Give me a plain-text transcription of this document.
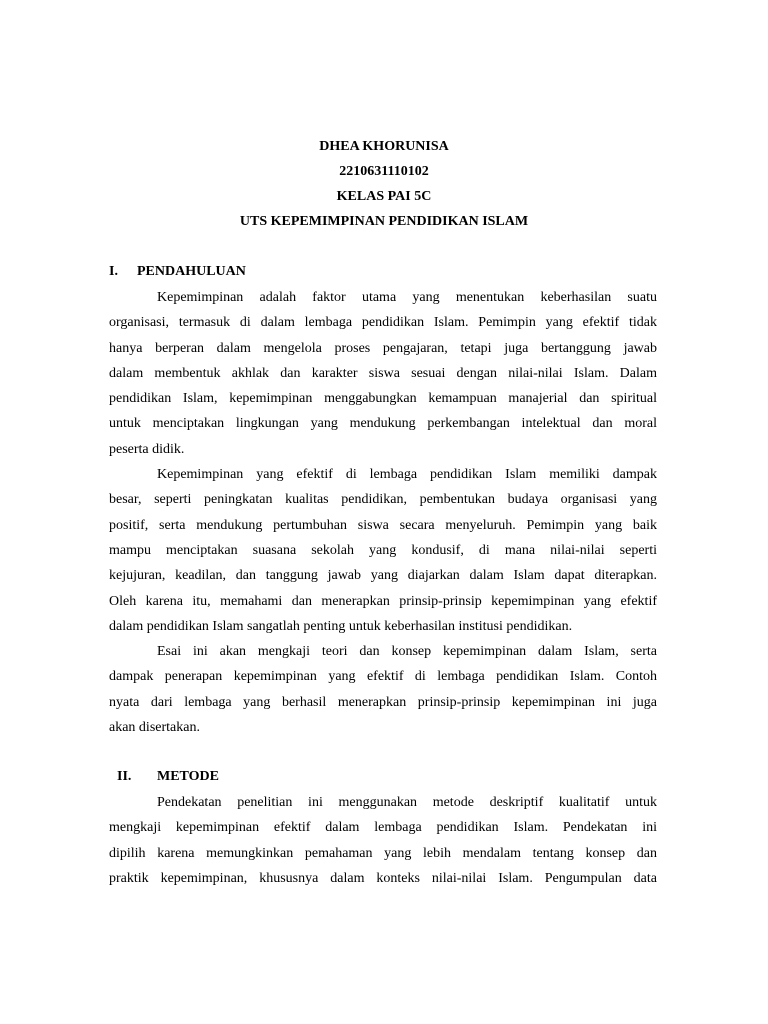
DHEA KHORUNISA
2210631110102
KELAS PAI 5C
UTS KEPEMIMPINAN PENDIDIKAN ISLAM
I. PENDAHULUAN
Kepemimpinan adalah faktor utama yang menentukan keberhasilan suatu
organisasi, termasuk di dalam lembaga pendidikan Islam. Pemimpin yang efektif tidak
hanya berperan dalam mengelola proses pengajaran, tetapi juga bertanggung jawab
dalam membentuk akhlak dan karakter siswa sesuai dengan nilai-nilai Islam. Dalam
pendidikan Islam, kepemimpinan menggabungkan kemampuan manajerial dan spiritual
untuk menciptakan lingkungan yang mendukung perkembangan intelektual dan moral
peserta didik.
Kepemimpinan yang efektif di lembaga pendidikan Islam memiliki dampak
besar, seperti peningkatan kualitas pendidikan, pembentukan budaya organisasi yang
positif, serta mendukung pertumbuhan siswa secara menyeluruh. Pemimpin yang baik
mampu menciptakan suasana sekolah yang kondusif, di mana nilai-nilai seperti
kejujuran, keadilan, dan tanggung jawab yang diajarkan dalam Islam dapat diterapkan.
Oleh karena itu, memahami dan menerapkan prinsip-prinsip kepemimpinan yang efektif
dalam pendidikan Islam sangatlah penting untuk keberhasilan institusi pendidikan.
Esai ini akan mengkaji teori dan konsep kepemimpinan dalam Islam, serta
dampak penerapan kepemimpinan yang efektif di lembaga pendidikan Islam. Contoh
nyata dari lembaga yang berhasil menerapkan prinsip-prinsip kepemimpinan ini juga
akan disertakan.
II. METODE
Pendekatan penelitian ini menggunakan metode deskriptif kualitatif untuk
mengkaji kepemimpinan efektif dalam lembaga pendidikan Islam. Pendekatan ini
dipilih karena memungkinkan pemahaman yang lebih mendalam tentang konsep dan
praktik kepemimpinan, khususnya dalam konteks nilai-nilai Islam. Pengumpulan data
